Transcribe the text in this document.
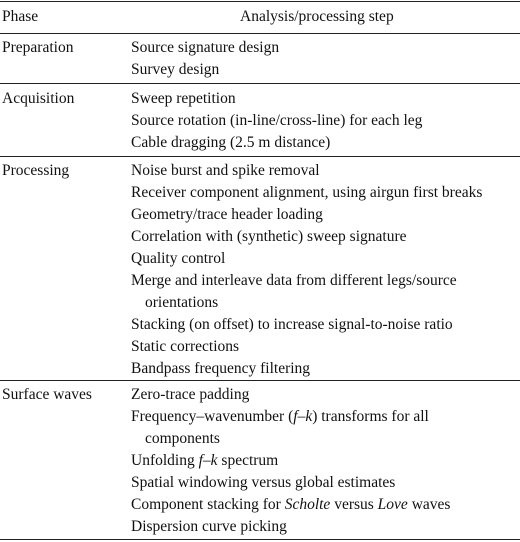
Phase	Analysis/processing step
Preparation	Source signature design
Survey design
Acquisition	Sweep repetition
Source rotation (in-line/cross-line) for each leg
Cable dragging (2.5 m distance)
Processing	Noise burst and spike removal
Receiver component alignment, using airgun first breaks
Geometry/trace header loading
Correlation with (synthetic) sweep signature
Quality control
Merge and interleave data from different legs/source
orientations
Stacking (on offset) to increase signal-to-noise ratio
Static corrections
Bandpass frequency filtering
Surface waves	Zero-trace padding
Frequency–wavenumber (f–k) transforms for all
components
Unfolding f–k spectrum
Spatial windowing versus global estimates
Component stacking for Scholte versus Love waves
Dispersion curve picking
